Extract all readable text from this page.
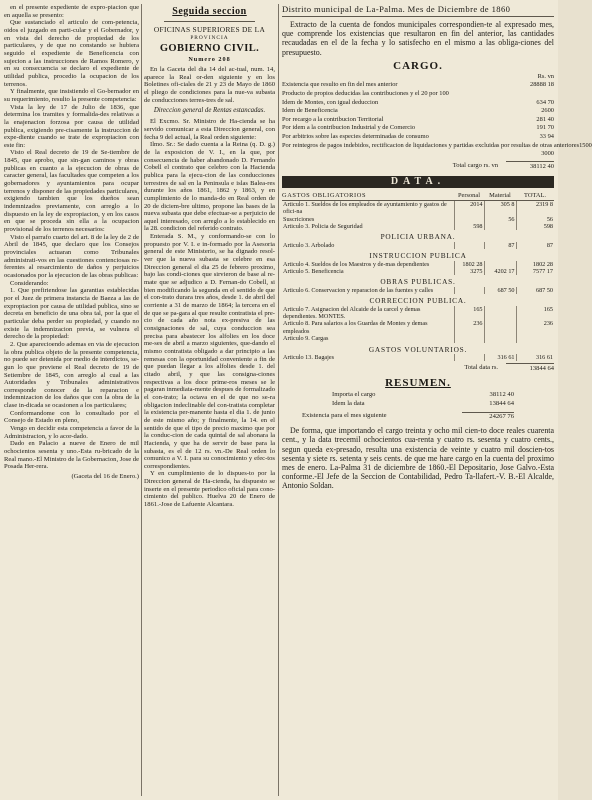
en el presente expediente de expro-piacion que en aquella se presento:

Que sustanciado el articulo de com-petencia, oidos el juzgado en parti-cular y el Gobernador, y en vista del derecho de propiedad de los particulares, y de que no constando se hubiera seguido el expediente de Beneficencia con sujecion a las instrucciones de Ramos Romero, y en su consecuencia se declaro el expediente de utilidad publica, procedio la ocupacion de los terrenos.

Y finalmente, que insistiendo el Go-bernador en su requerimiento, resulto la presente competencia:

Vista la ley de 17 de Julio de 1836, que determina los tramites y formalida-des relativas a la enajenacion forzosa por causa de utilidad publica, exigiendo pre-cisamente la instruccion de expe-diente cuando se trate de expropiacion con este fin:

Visto el Real decreto de 19 de Se-tiembre de 1845, que aprobo, que sin-gan caminos y obras publicas en cuanto a la ejecucion de obras de caracter general, las facultades que competen a los gobernadores y ayuntamientos para ocupar terrenos y disponer de las propiedades particulares, exigiendo tambien que los dueños sean indemnizados previamente, con arreglo a lo dispuesto en la ley de expropiacion, y en los casos en que se proceda sin ella a la ocupacion provisional de los terrenos necesarios:

Visto el parrafo cuarto del art. 8 de la ley de 2 de Abril de 1845, que declaro que los Consejos provinciales actuaran como Tribunales administrati-vos en las cuestiones contenciosas re-ferentes al resarcimiento de daños y perjuicios ocasionados por la ejecucion de las obras publicas:

Considerando:

1. Que prefiriendose las garantias establecidas por el Juez de primera instancia de Baeza a las de expropiacion por causa de utilidad publica, sino se decreta en beneficio de una obra tal, por la que el particular deba perder su propiedad, y cuando no existe la indemnizacion previa, se vulnera el derecho de la propiedad:

2. Que aparecioendo ademas en via de ejecucion la obra publica objeto de la presente competencia, no puede ser detenida por medio de interdictos, se-gun lo que previene el Real decreto de 19 de Setiembre de 1845, con arreglo al cual a las Autoridades y Tribunales administrativos corresponde conocer de la reparacion e indemnizacion de los daños que con la obra de la clase in-dicada se ocasionen a los particulares;

Conformandome con lo consultado por el Consejo de Estado en pleno,

Vengo en decidir esta competencia a favor de la Administracion, y lo acor-dado.

Dado en Palacio a nueve de Enero de mil ochocientos sesenta y uno.-Esta ru-bricado de la Real mano.-El Ministro de la Gobernacion, Jose de Posada Her-rera.

(Gaceta del 16 de Enero.)

Seguida seccion
OFICINAS SUPERIORES DE LA
PROVINCIA
GOBIERNO CIVIL.
Numero 208

En la Gaceta del dia 14 del ac-tual, num. 14, aparece la Real or-den siguiente y en los Boletines ofi-ciales de 21 y 23 de Mayo de 1860 el pliego de condiciones para la nue-va subasta de conducciones terres-tres de sal.

Direccion general de Rentas estancadas.

El Excmo. Sr. Ministro de Ha-cienda se ha servido comunicar a esta Direccion general, con fecha 9 del actual, la Real orden siguiente:

Ilmo. Sr.: Se dado cuenta a la Reina (q. D. g.) de la exposicion de V. I., en la que, por consecuencia de haber abandonado D. Fernando Cobell el contrato que celebro con la Hacienda publica para la ejecu-cion de las conducciones terrestres de sal en la Peninsula e islas Balea-res durante los años 1861, 1862 y 1863, y en cumplimiento de lo manda-do en Real orden de 20 de diciem-bre ultimo, propone las bases de la nueva subasta que debe efectuar-se a perjuicio de aquel interesado, con arreglo a lo establecido en la 28. condicion del referido contrato.

Enterada S. M., y conformando-se con lo propuesto por V. I. e in-formado por la Asesoria general de este Ministerio, se ha dignado resol-ver que la nueva subasta se celebre en esa Direccion general el dia 25 de febrero proximo, bajo las condi-ciones que sirvieron de base al re-mate que se adjudico a D. Fernan-do Cobell, si bien modificando la segunda en el sentido de que el con-trato durara tres años, desde 1. de abril del corriente a 31 de marzo de 1864; la tercera en el de que se pa-gara al que resulte contratista el pre-cio de cada año nota ex-presiva de las consignaciones de sal, cuya conduccion sea precisa para abastecer los alfolies en los doce me-ses de abril a marzo siguientes, que-dando el mismo contratista obligado a dar principio a las remesas con la oportunidad conveniente a fin de que puedan llegar a los alfolies desde 1. del citado abril, y que las consigna-ciones respectivas a los doce prime-ros meses se le pagaran inmediata-mente despues de formalizado el con-trato; la octava en el de que no se-ra obligacion indeclinable del con-tratista completar la existencia per-manente hasta el dia 1. de junio de este mismo año; y finalmente, la 14. en el sentido de que el tipo de precio maximo que por la conduc-cion de cada quintal de sal abonara la Hacienda, y que ha de servir de base para la subasta, es el de 12 rs. vn.-De Real orden lo comunico a V. I. para su conocimiento y efec-tos correspondientes.

Y en cumplimiento de lo dispues-to por la Direccion general de Ha-cienda, ha dispuesto se inserte en el presente periodico oficial para cono-cimiento del publico. Huelva 20 de Enero de 1861.-Jose de Lafuente Alcantara.

Distrito municipal de La-Palma. Mes de Diciembre de 1860

Extracto de la cuenta de fondos municipales correspondien-te al expresado mes, que comprende los existencias que resultaron en fin del anterior, las cantidades recaudadas en el de la fecha y lo satisfecho en el mismo a las obliga-ciones del presupuesto.

CARGO.
Rs. vn
Existencia que resulto en fin del mes anterior	28888 18
Producto de propios deducidas las contribuciones y el 20 por 100
Idem de Montes, con igual deduccion	634 70
Idem de Beneficencia	2600
Por recargo a la contribucion Territorial	281 40
Por idem a la contribucion Industrial y de Comercio	191 70
Por arbitrios sobre las especies determinadas de consumo	33 94
Por reintegros de pagos indebidos, rectificacion de liquidaciones y partidas excluidas por resultas de otras anteriores 1500
3000
Total cargo rs. vn	38112 40
DATA.
GASTOS OBLIGATORIOS	Personal	Material	TOTAL.
Articulo 1. Sueldos de los empleados de ayuntamiento y gastos de ofici-na	2014	305 8	2319 8
Suscriciones		56	56
Articulo 3. Policia de Seguridad	598		598
POLICIA URBANA.			
Articulo 3. Arbolado		87	87
INSTRUCCION PUBLICA			
Articulo 4. Sueldos de los Maestros y de-mas dependientes	1802 28		1802 28
Articulo 5. Beneficencia	3275	4202 17	7577 17
OBRAS PUBLICAS.			
Articulo 6. Conservacion y reparacion de las fuentes y calles		687 50	687 50
CORRECCION PUBLICA.			
Articulo 7. Asignacion del Alcaide de la carcel y demas dependientes. MONTES.	165		165
Articulo 8. Para salarios a los Guardas de Montes y demas empleados	236		236
Articulo 9. Cargas			
GASTOS VOLUNTARIOS.			
Articulo 13. Bagajes		316 61	316 61
Total data rs.	13844 64
RESUMEN.
Importa el cargo	38112 40
Idem la data	13844 64
Existencia para el mes siguiente	24267 76

De forma, que importando el cargo treinta y ocho mil cien-to doce reales cuarenta cent., y la data trecemil ochocientos cua-renta y cuatro rs. sesenta y cuatro cents., segun queda ex-presado, resulta una existencia de veinte y cuatro mil doscien-tos sesenta y siete rs. setenta y seis cents. de que me hare cargo en la cuenta del proximo mes de enero. La-Palma 31 de diciembre de 1860.-El Depositario, Jose Galvo.-Esta conforme.-El Jefe de la Seccion de Contabilidad, Pedro Ta-llafert.-V. B.-El Alcalde, Antonio Soldan.
